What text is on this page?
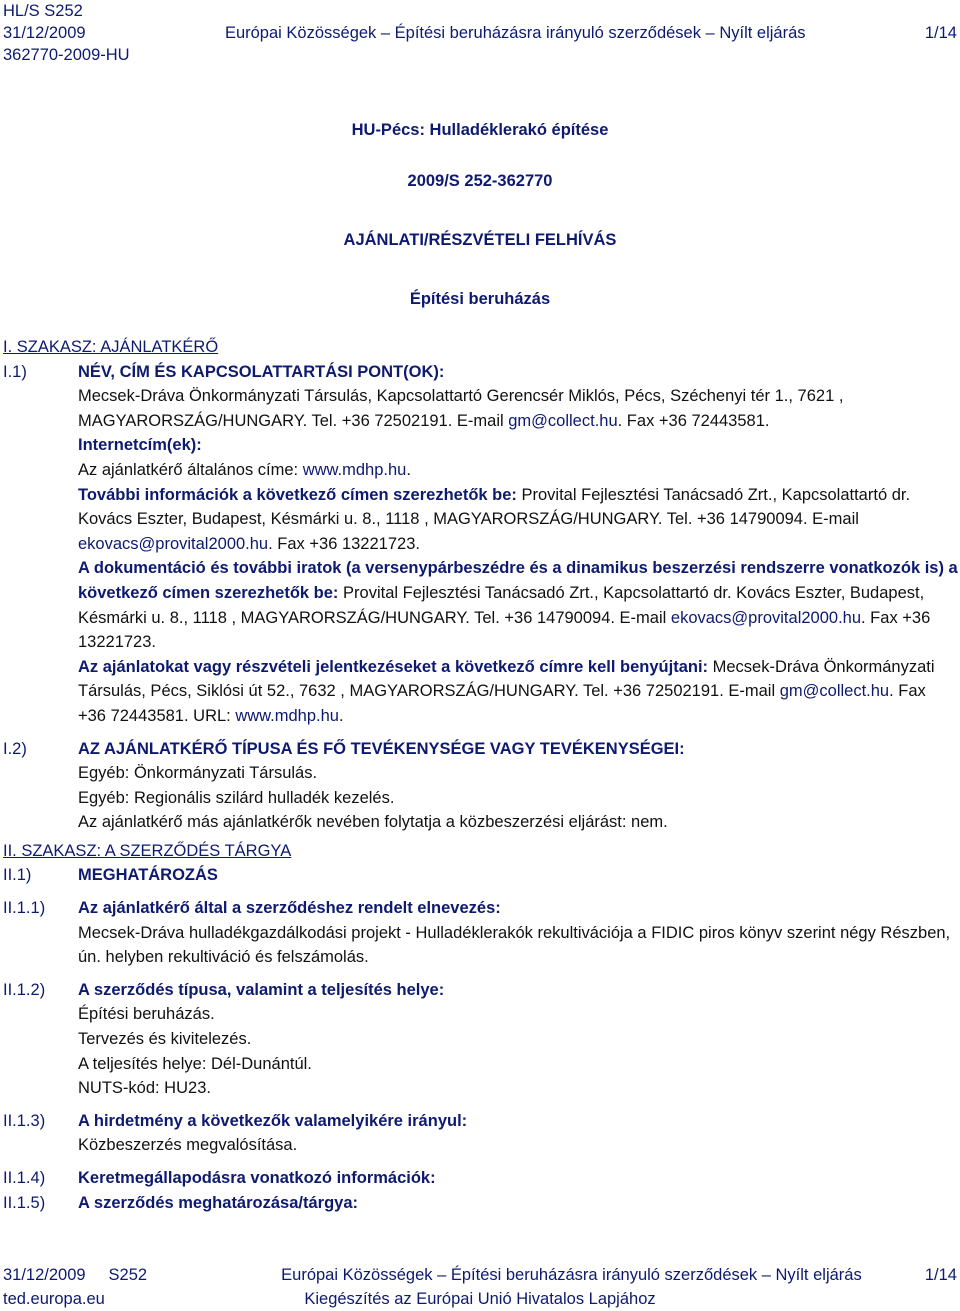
HL/S S252
31/12/2009	Európai Közösségek – Építési beruházásra irányuló szerződések – Nyílt eljárás	1/14
362770-2009-HU
HU-Pécs: Hulladéklerakó építése
2009/S 252-362770
AJÁNLATI/RÉSZVÉTELI FELHÍVÁS
Építési beruházás
I. SZAKASZ: AJÁNLATKÉRŐ
I.1)	NÉV, CÍM ÉS KAPCSOLATTARTÁSI PONT(OK):
Mecsek-Dráva Önkormányzati Társulás, Kapcsolattartó Gerencsér Miklós, Pécs, Széchenyi tér 1., 7621 , MAGYARORSZÁG/HUNGARY. Tel. +36 72502191. E-mail gm@collect.hu. Fax +36 72443581.
Internetcím(ek):
Az ajánlatkérő általános címe: www.mdhp.hu.
További információk a következő címen szerezhetők be: Provital Fejlesztési Tanácsadó Zrt., Kapcsolattartó dr. Kovács Eszter, Budapest, Késmárki u. 8., 1118 , MAGYARORSZÁG/HUNGARY. Tel. +36 14790094. E-mail ekovacs@provital2000.hu. Fax +36 13221723.
A dokumentáció és további iratok (a versenypárbeszédre és a dinamikus beszerzési rendszerre vonatkozók is) a következő címen szerezhetők be: Provital Fejlesztési Tanácsadó Zrt., Kapcsolattartó dr. Kovács Eszter, Budapest, Késmárki u. 8., 1118 , MAGYARORSZÁG/HUNGARY. Tel. +36 14790094. E-mail ekovacs@provital2000.hu. Fax +36 13221723.
Az ajánlatokat vagy részvételi jelentkezéseket a következő címre kell benyújtani: Mecsek-Dráva Önkormányzati Társulás, Pécs, Siklósi út 52., 7632 , MAGYARORSZÁG/HUNGARY. Tel. +36 72502191. E-mail gm@collect.hu. Fax +36 72443581. URL: www.mdhp.hu.
I.2)	AZ AJÁNLATKÉRŐ TÍPUSA ÉS FŐ TEVÉKENYSÉGE VAGY TEVÉKENYSÉGEI:
Egyéb: Önkormányzati Társulás.
Egyéb: Regionális szilárd hulladék kezelés.
Az ajánlatkérő más ajánlatkérők nevében folytatja a közbeszerzési eljárást: nem.
II. SZAKASZ: A SZERZŐDÉS TÁRGYA
II.1)	MEGHATÁROZÁS
II.1.1)	Az ajánlatkérő által a szerződéshez rendelt elnevezés:
Mecsek-Dráva hulladékgazdálkodási projekt - Hulladéklerakók rekultivációja a FIDIC piros könyv szerint négy Részben, ún. helyben rekultiváció és felszámolás.
II.1.2)	A szerződés típusa, valamint a teljesítés helye:
Építési beruházás.
Tervezés és kivitelezés.
A teljesítés helye: Dél-Dunántúl.
NUTS-kód: HU23.
II.1.3)	A hirdetmény a következők valamelyikére irányul:
Közbeszerzés megvalósítása.
II.1.4)	Keretmegállapodásra vonatkozó információk:
II.1.5)	A szerződés meghatározása/tárgya:
31/12/2009 S252	Európai Közösségek – Építési beruházásra irányuló szerződések – Nyílt eljárás	1/14
ted.europa.eu	Kiegészítés az Európai Unió Hivatalos Lapjához
